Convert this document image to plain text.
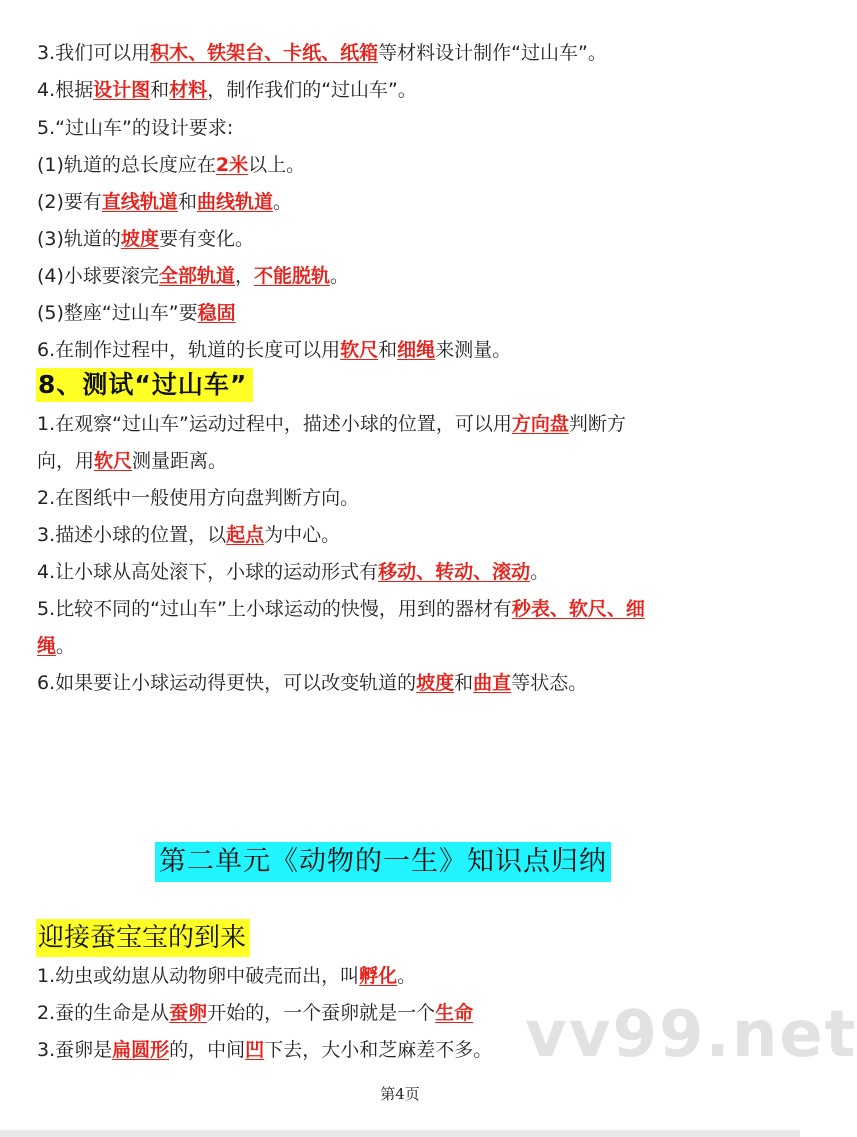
3.我们可以用积木、铁架台、卡纸、纸箱等材料设计制作“过山车”。
4.根据设计图和材料，制作我们的“过山车”。
5.“过山车”的设计要求:
(1)轨道的总长度应在2米以上。
(2)要有直线轨道和曲线轨道。
(3)轨道的坡度要有变化。
(4)小球要滚完全部轨道，不能脱轨。
(5)整座“过山车”要稳固
6.在制作过程中，轨道的长度可以用软尺和细绳来测量。
8、测试“过山车”
1.在观察“过山车”运动过程中，描述小球的位置，可以用方向盘判断方
向，用软尺测量距离。
2.在图纸中一般使用方向盘判断方向。
3.描述小球的位置，以起点为中心。
4.让小球从高处滚下，小球的运动形式有移动、转动、滚动。
5.比较不同的“过山车”上小球运动的快慢，用到的器材有秒表、软尺、细
绳。
6.如果要让小球运动得更快，可以改变轨道的坡度和曲直等状态。
第二单元《动物的一生》知识点归纳
迎接蚕宝宝的到来
1.幼虫或幼崽从动物卵中破壳而出，叫孵化。
2.蚕的生命是从蚕卵开始的，一个蚕卵就是一个生命
3.蚕卵是扁圆形的，中间凹下去，大小和芝麻差不多。 vv99.net
第4页
